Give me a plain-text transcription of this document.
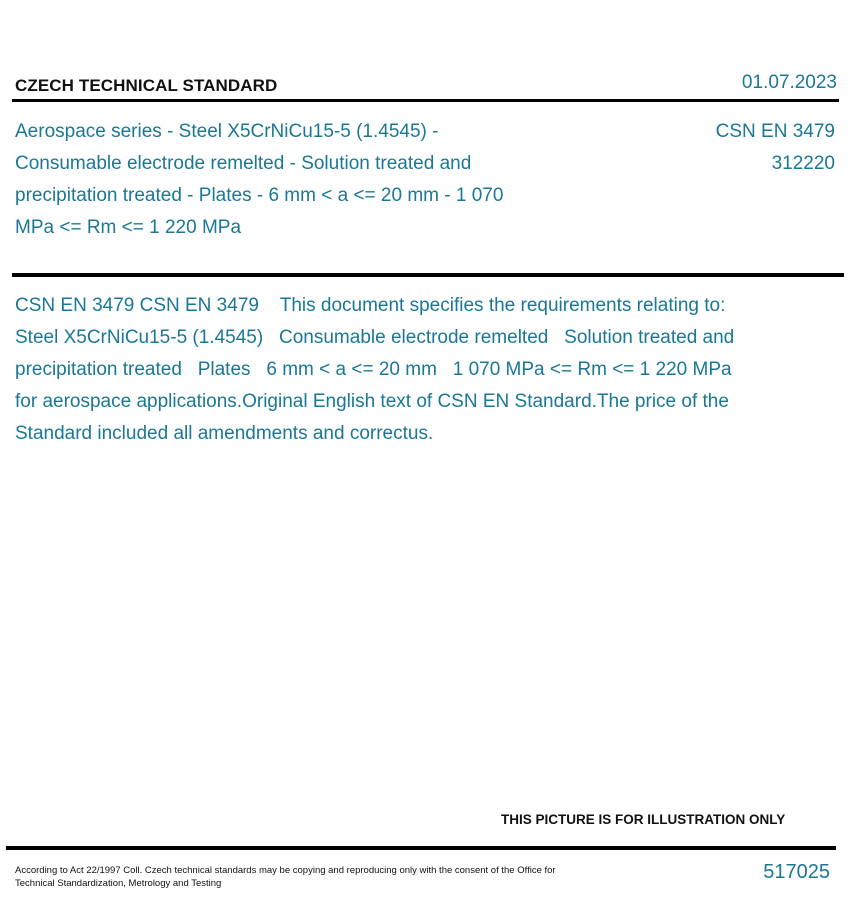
CZECH TECHNICAL STANDARD	01.07.2023
Aerospace series - Steel X5CrNiCu15-5 (1.4545) - Consumable electrode remelted - Solution treated and precipitation treated - Plates - 6 mm < a <= 20 mm - 1 070 MPa <= Rm <= 1 220 MPa
CSN EN 3479
312220
CSN EN 3479 CSN EN 3479    This document specifies the requirements relating to:   Steel X5CrNiCu15-5 (1.4545)   Consumable electrode remelted   Solution treated and precipitation treated   Plates   6 mm < a <= 20 mm   1 070 MPa <= Rm <= 1 220 MPa   for aerospace applications.Original English text of CSN EN Standard.The price of the Standard included all amendments and correctus.
THIS PICTURE IS FOR ILLUSTRATION ONLY
According to Act 22/1997 Coll. Czech technical standards may be copying and reproducing only with the consent of the Office for Technical Standardization, Metrology and Testing
517025
